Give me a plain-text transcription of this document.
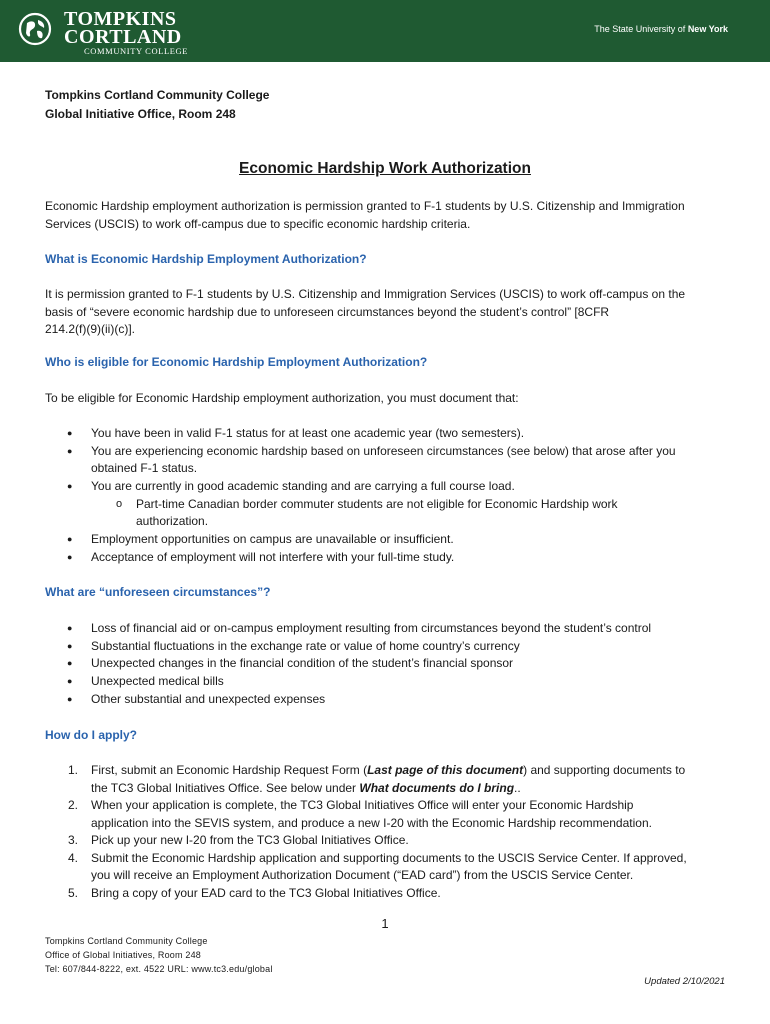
TOMPKINS
CORTLAND
COMMUNITY COLLEGE
The State University of New York
Tompkins Cortland Community College
Global Initiative Office, Room 248
Economic Hardship Work Authorization
Economic Hardship employment authorization is permission granted to F-1 students by U.S. Citizenship and Immigration
Services (USCIS) to work off-campus due to specific economic hardship criteria.
What is Economic Hardship Employment Authorization?
It is permission granted to F-1 students by U.S. Citizenship and Immigration Services (USCIS) to work off-campus on the
basis of “severe economic hardship due to unforeseen circumstances beyond the student’s control” [8CFR
214.2(f)(9)(ii)(c)].
Who is eligible for Economic Hardship Employment Authorization?
To be eligible for Economic Hardship employment authorization, you must document that:
● You have been in valid F-1 status for at least one academic year (two semesters).
● You are experiencing economic hardship based on unforeseen circumstances (see below) that arose after you
obtained F-1 status.
● You are currently in good academic standing and are carrying a full course load.
o Part-time Canadian border commuter students are not eligible for Economic Hardship work
authorization.
● Employment opportunities on campus are unavailable or insufficient.
● Acceptance of employment will not interfere with your full-time study.
What are “unforeseen circumstances”?
● Loss of financial aid or on-campus employment resulting from circumstances beyond the student’s control
● Substantial fluctuations in the exchange rate or value of home country’s currency
● Unexpected changes in the financial condition of the student’s financial sponsor
● Unexpected medical bills
● Other substantial and unexpected expenses
How do I apply?
1. First, submit an Economic Hardship Request Form (Last page of this document) and supporting documents to
the TC3 Global Initiatives Office. See below under What documents do I bring..
2. When your application is complete, the TC3 Global Initiatives Office will enter your Economic Hardship
application into the SEVIS system, and produce a new I-20 with the Economic Hardship recommendation.
3. Pick up your new I-20 from the TC3 Global Initiatives Office.
4. Submit the Economic Hardship application and supporting documents to the USCIS Service Center. If approved,
you will receive an Employment Authorization Document (“EAD card”) from the USCIS Service Center.
5. Bring a copy of your EAD card to the TC3 Global Initiatives Office.
1
Tompkins Cortland Community College
Office of Global Initiatives, Room 248
Tel: 607/844-8222, ext. 4522 URL: www.tc3.edu/global
Updated 2/10/2021
